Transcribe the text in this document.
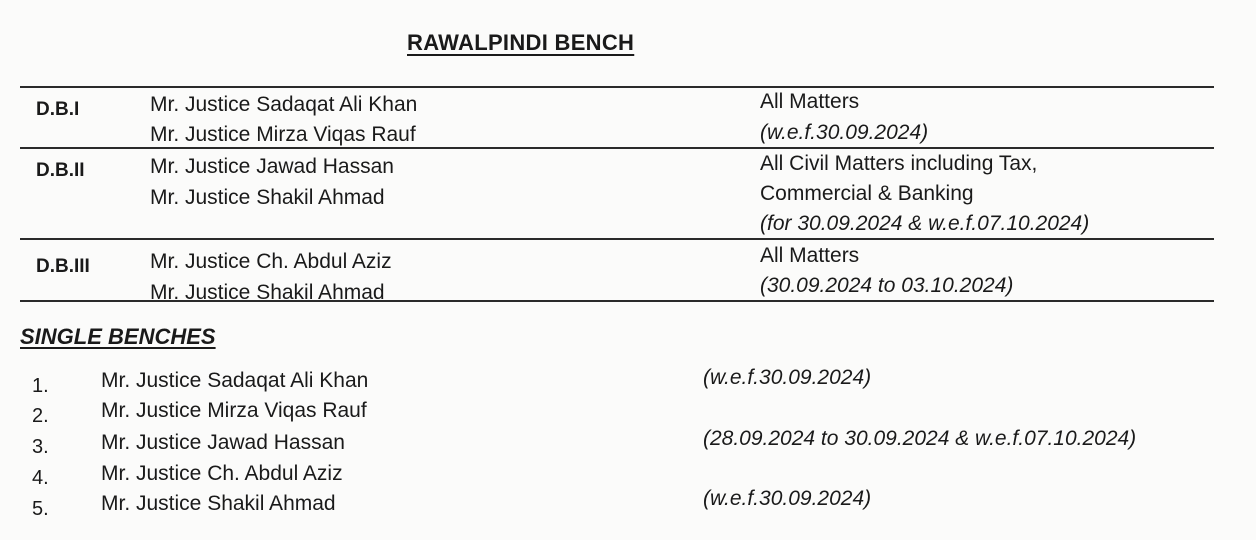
RAWALPINDI BENCH
D.B.I	Mr. Justice Sadaqat Ali Khan
Mr. Justice Mirza Viqas Rauf
All Matters
(w.e.f.30.09.2024)
D.B.II	Mr. Justice Jawad Hassan
Mr. Justice Shakil Ahmad
All Civil Matters including Tax,
Commercial & Banking
(for 30.09.2024 & w.e.f.07.10.2024)
D.B.III	Mr. Justice Ch. Abdul Aziz
Mr. Justice Shakil Ahmad
All Matters
(30.09.2024 to 03.10.2024)
SINGLE BENCHES
1. Mr. Justice Sadaqat Ali Khan	(w.e.f.30.09.2024)
2. Mr. Justice Mirza Viqas Rauf
3. Mr. Justice Jawad Hassan	(28.09.2024 to 30.09.2024 & w.e.f.07.10.2024)
4. Mr. Justice Ch. Abdul Aziz
5. Mr. Justice Shakil Ahmad	(w.e.f.30.09.2024)
